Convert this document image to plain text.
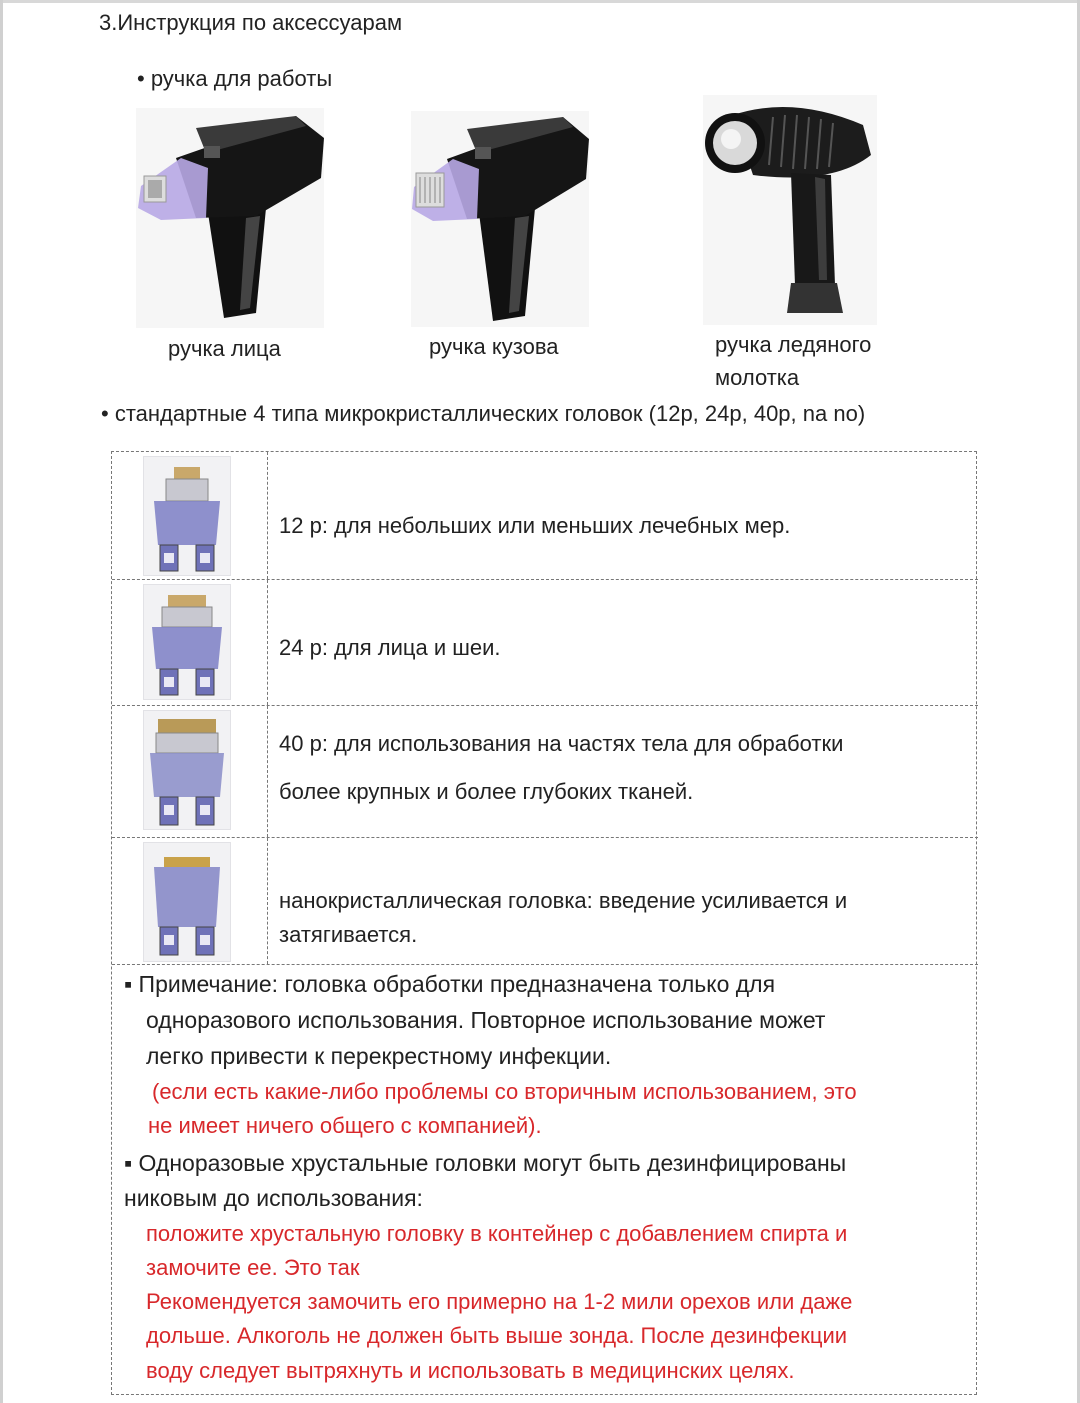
3.Инструкция по аксессуарам
• ручка для работы
ручка лица	ручка кузова	ручка ледяного
молотка
• стандартные 4 типа микрокристаллических головок (12р, 24р, 40р, na no)
12 р: для небольших или меньших лечебных мер.
24 р: для лица и шеи.
40 р: для использования на частях тела для обработки
более крупных и более глубоких тканей.
нанокристаллическая головка: введение усиливается и
затягивается.
▪ Примечание: головка обработки предназначена только для
одноразового использования. Повторное использование может
легко привести к перекрестному инфекции.
(если есть какие-либо проблемы со вторичным использованием, это
не имеет ничего общего с компанией).
▪ Одноразовые хрустальные головки могут быть дезинфицированы
никовым до использования:
положите хрустальную головку в контейнер с добавлением спирта и
замочите ее. Это так
Рекомендуется замочить его примерно на 1-2 мили орехов или даже
дольше. Алкоголь не должен быть выше зонда. После дезинфекции
воду следует вытряхнуть и использовать в медицинских целях.
